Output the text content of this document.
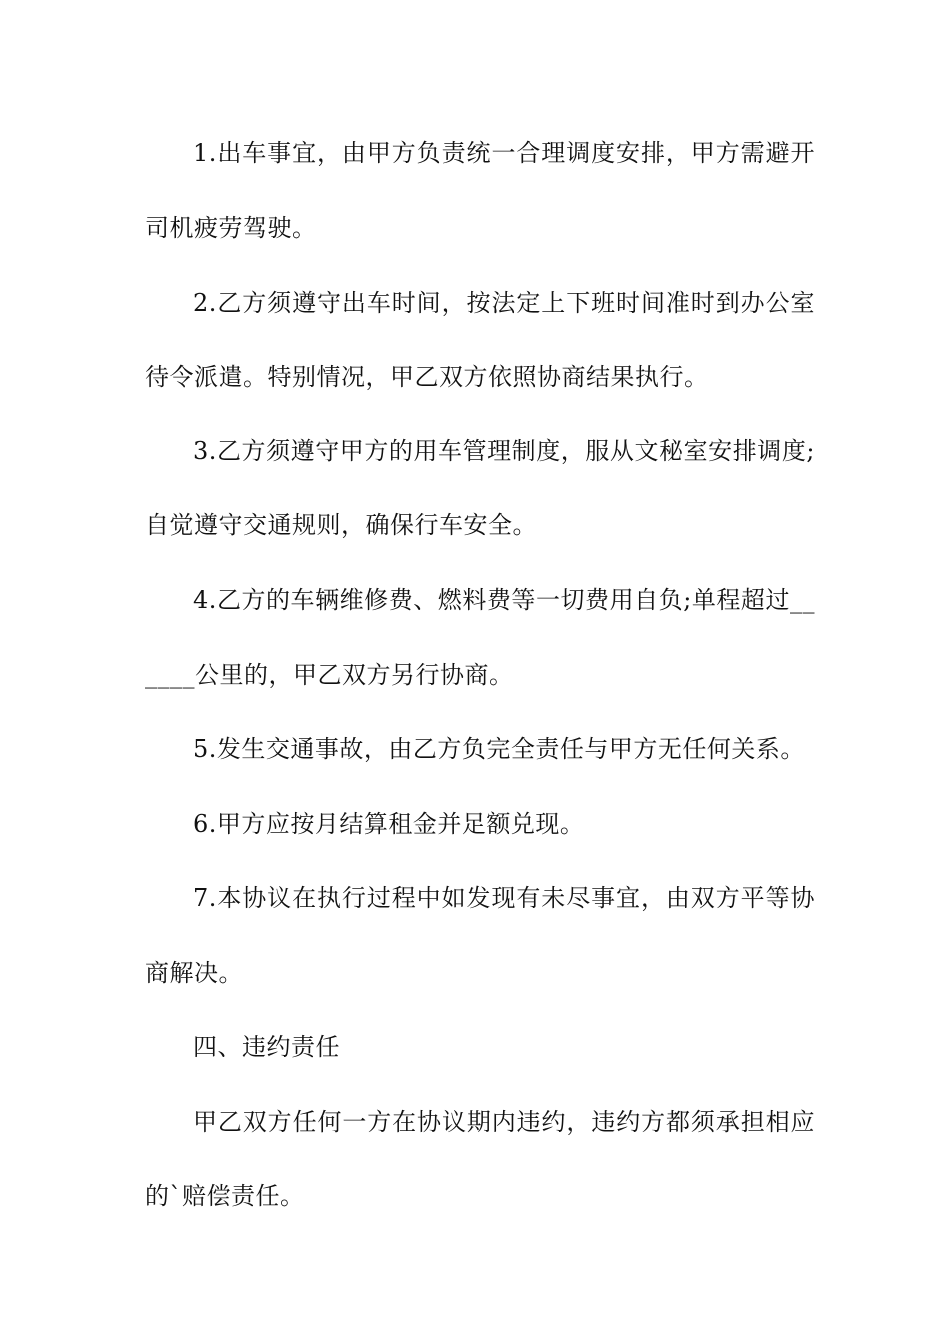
1.出车事宜，由甲方负责统一合理调度安排，甲方需避开
司机疲劳驾驶。
2.乙方须遵守出车时间，按法定上下班时间准时到办公室
待令派遣。特别情况，甲乙双方依照协商结果执行。
3.乙方须遵守甲方的用车管理制度，服从文秘室安排调度;
自觉遵守交通规则，确保行车安全。
4.乙方的车辆维修费、燃料费等一切费用自负;单程超过__
____公里的，甲乙双方另行协商。
5.发生交通事故，由乙方负完全责任与甲方无任何关系。
6.甲方应按月结算租金并足额兑现。
7.本协议在执行过程中如发现有未尽事宜，由双方平等协
商解决。
四、违约责任
甲乙双方任何一方在协议期内违约，违约方都须承担相应
的`赔偿责任。
